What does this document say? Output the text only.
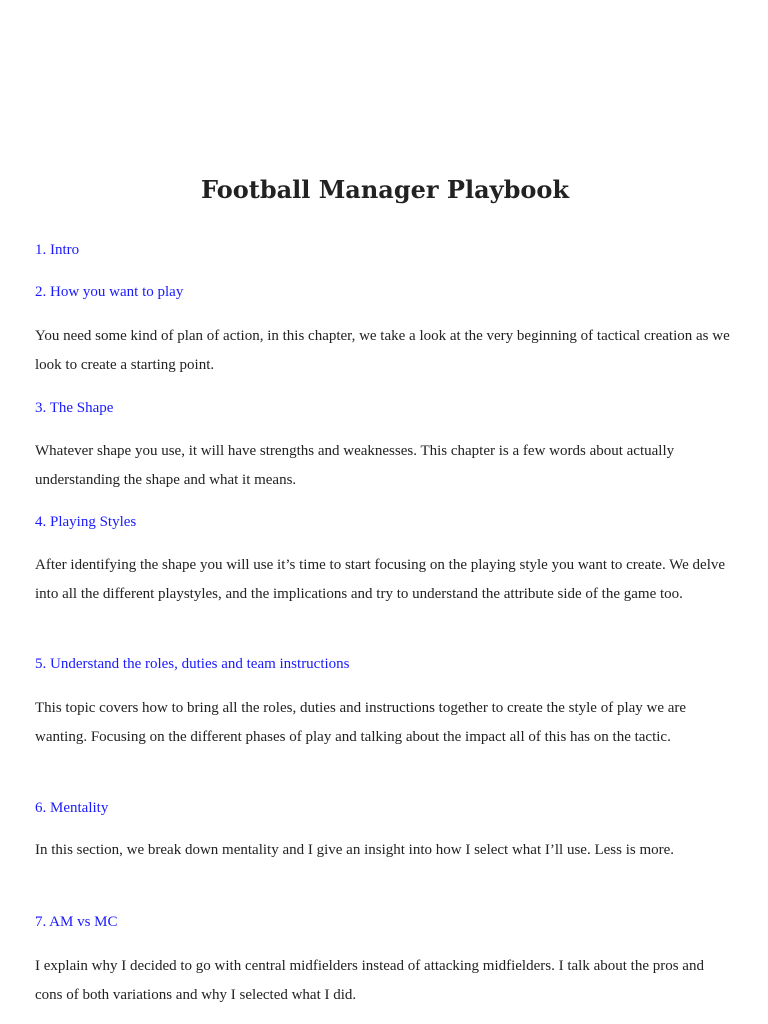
Football Manager Playbook
1. Intro
2. How you want to play

You need some kind of plan of action, in this chapter, we take a look at the very beginning of tactical creation as we look to create a starting point.

3. The Shape

Whatever shape you use, it will have strengths and weaknesses. This chapter is a few words about actually understanding the shape and what it means.

4. Playing Styles

After identifying the shape you will use it’s time to start focusing on the playing style you want to create. We delve into all the different playstyles, and the implications and try to understand the attribute side of the game too.

5. Understand the roles, duties and team instructions

This topic covers how to bring all the roles, duties and instructions together to create the style of play we are wanting. Focusing on the different phases of play and talking about the impact all of this has on the tactic.

6. Mentality

In this section, we break down mentality and I give an insight into how I select what I’ll use. Less is more.

7. AM vs MC

I explain why I decided to go with central midfielders instead of attacking midfielders. I talk about the pros and cons of both variations and why I selected what I did.
